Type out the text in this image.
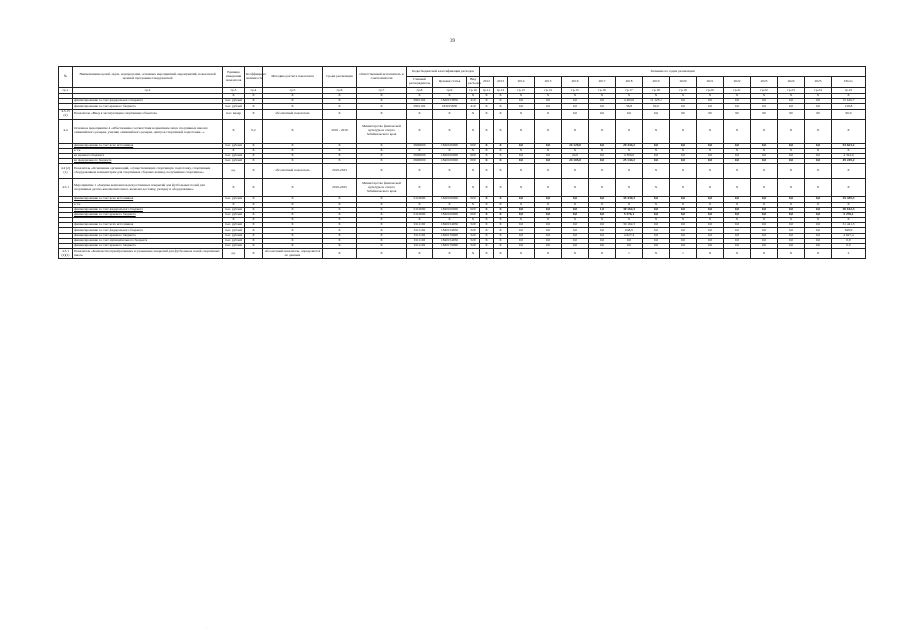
39
№	Наименование целей, задач, подпрограмм, основных мероприятий, мероприятий, показателей целевой программы Свердловской	Единица измерения показателя	Коэффициент значимости	Методика расчета показателя	Сроки реализации	Ответственный исполнитель и соисполнители	Коды бюджетной классификации расходов			Значение по годам реализации														
							Главный распорядитель	Целевая статья	Вид расходов	2012	2013	2014	2015	2016	2017	2018	2019	2020	2021	2022	2023	2024	2025	Итого
гр.1	гр.2	гр.3	гр.4	гр.5	гр.6	гр.7	гр.8	гр.9	гр.10	гр.11	гр.12	гр.13	гр.14	гр.15	гр.16	гр.17	гр.18	гр.19	гр.20	гр.21	гр.22	гр.23	гр.24	гр.25
		X	X	X	X	X	X	X	X	X	X	X	X	X	X	X	X	X	X	X	X	X	X	X
	финансирование за счет федерального бюджета	тыс. рублей	X	X	X	X	0901102	1840153850	410	X	X	0,0	0,0	0,0	0,0	4 493,6	11 123,1	0,0	0,0	0,0	0,0	0,0	0,0	15 616,7
	финансирование за счет краевого бюджета	тыс. рублей	X	X	X	X	0901102	184015850	410	X	X	0,0	0,0	0,0	0,0	36,8	92,0	0,0	0,0	0,0	0,0	0,0	0,0	128,8
4.3.13 (2)	Показатель «Ввод в эксплуатацию спортивных объектов»	тыс. квадр	X	абсолютный показатель	X	X	X	X	X	X	X	X	X	0,0	0,0	0,0	0,0	90	90	90	90	90	90	90,0
4.4	Основное мероприятие 4 «Обеспечение соответствия нормативам лиц в спортивных школах олимпийского резерва, училищ олимпийского резерва, центров спортивной подготовки...»	X	0,2	X	2016 - 2019	Министерство физической культуры и спорта Забайкальского края	X	X	X	X	X	X	X	X	X	X	X	X	X	X	X	X	X	X
	финансирование за счет всех источников	тыс. рублей	X	X	X	X	0900000	1840100000	000	X	X	0,0	0,0	24 129,0	0,0	29 444,2	0,0	0,0	0,0	0,0	0,0	0,0	0,0	53 623,2
	в т.ч.	X	X	X	X	X	X	X	X	X	X	X	X	X	X	X	X	X	X	X	X	X	X	X
	из краевого бюджета	тыс. рублей	X	X	X	X	0900000	1840100000	000	X	X	0,0	0,0	24,0	0,0	4 300,0	0,0	0,0	0,0	0,0	0,0	0,0	0,0	4 324,0
	из федерального бюджета	тыс. рублей	X	X	X	X	0900000	1840100000	000	X	X	0,0	0,0	24 105,0	0,0	25 144,2	0,0	0,0	0,0	0,0	0,0	0,0	0,0	49 249,2
4.4 (2)(1)	Показатель «Оснащение организаций, осуществляющих спортивную подготовку, спортивным оборудованием и инвентарем для спортивных сборных команд, получивших спортивное»	ед.	X	абсолютный показатель	2016-2023	X	X	X	X	X	X	X	X	X	X	X	X	X	X	X	X	X	X	X
4.5.1	Мероприятие 1 «Закупка комплектов искусственных покрытий для футбольных полей для спортивных детско-юношеских школ, включая доставку, укладку и оборудование»	X	X	X	2016-2025	Министерство физической культуры и спорта Забайкальского края	X	X	X	X	X	X	X	X	X	X	X	X	X	X	X	X	X	X
	финансирование за счет всех источников	тыс. рублей	X	X	X	X	0110000	1840100000	000	X	X	0,0	0,0	0,0	0,0	35 439,3	0,0	0,0	0,0	0,0	0,0	0,0	0,0	35 439,3
	в т.ч.	X	X	X	X	X	X	X	X	X	X	X	X	X	X	X	X	X	X	X	X	X	X	X
	финансирование за счет федерального бюджета	тыс. рублей	X	X	X	X	0110000	1840100000	000	X	X	0,0	0,0	0,0	1,0	30 162,3	0,0	0,0	0,0	0,0	0,0	0,0	0,0	30 162,3
	финансирование за счет краевого бюджета	тыс. рублей	X	X	X	X	0110000	1840100000	000	X	X	0,0	0,0	0,0	0,0	5 276,1	0,0	0,0	0,0	0,0	0,0	0,0	0,0	5 276,1
		X	X	X	X	X	X	X	X	X	X	X	X	X	X	X	X	X	X	X	X	X	X	X
	финансирование за счет всех источников	тыс. рублей	X	X	X	X	0111102	1840154950	520	X	X	0,0	0,0	0,0	0,0	30 162,3	0,0	0,0	0,0	0,0	0,0	0,0	0,0	31 441,3
	финансирование за счет федерального бюджета	тыс. рублей	X	X	X	X	0111102	1840154950	520	X	X	0,0	0,0	0,0	0,0	648,9	0,0	0,0	0,0	0,0	0,0	0,0	0,0	648,9
	финансирование за счет краевого бюджета	тыс. рублей	X	X	X	X	0111102	1840179990	520	X	X	0,0	0,0	0,0	0,0	4 627,4	0,0	0,0	0,0	0,0	0,0	0,0	0,0	4 627,4
	финансирование за счет муниципального бюджета	тыс. рублей	X	X	X	X	0111102	1840154950	520	X	X	0,0	0,0	0,0	0,0	0,0	0,0	0,0	0,0	0,0	0,0	0,0	0,0	0,0
	финансирование за счет краевого бюджета	тыс. рублей	X	X	X	X	0111102	1840179990	520	X	X	0,0	0,0	0,0	0,0	0,0	0,0	0,0	0,0	0,0	0,0	0,0	0,0	0,0
4.5.1 (2)(1)	Показатель «Количество приобретенных и уложенных покрытий для футбольных полей спортивных школ»	ед.	X	абсолютный показатель, определяется по данным	X	X	X	X	X	X	X	X	X	X	X	1	X	1	X	X	X	X	X	2
·
